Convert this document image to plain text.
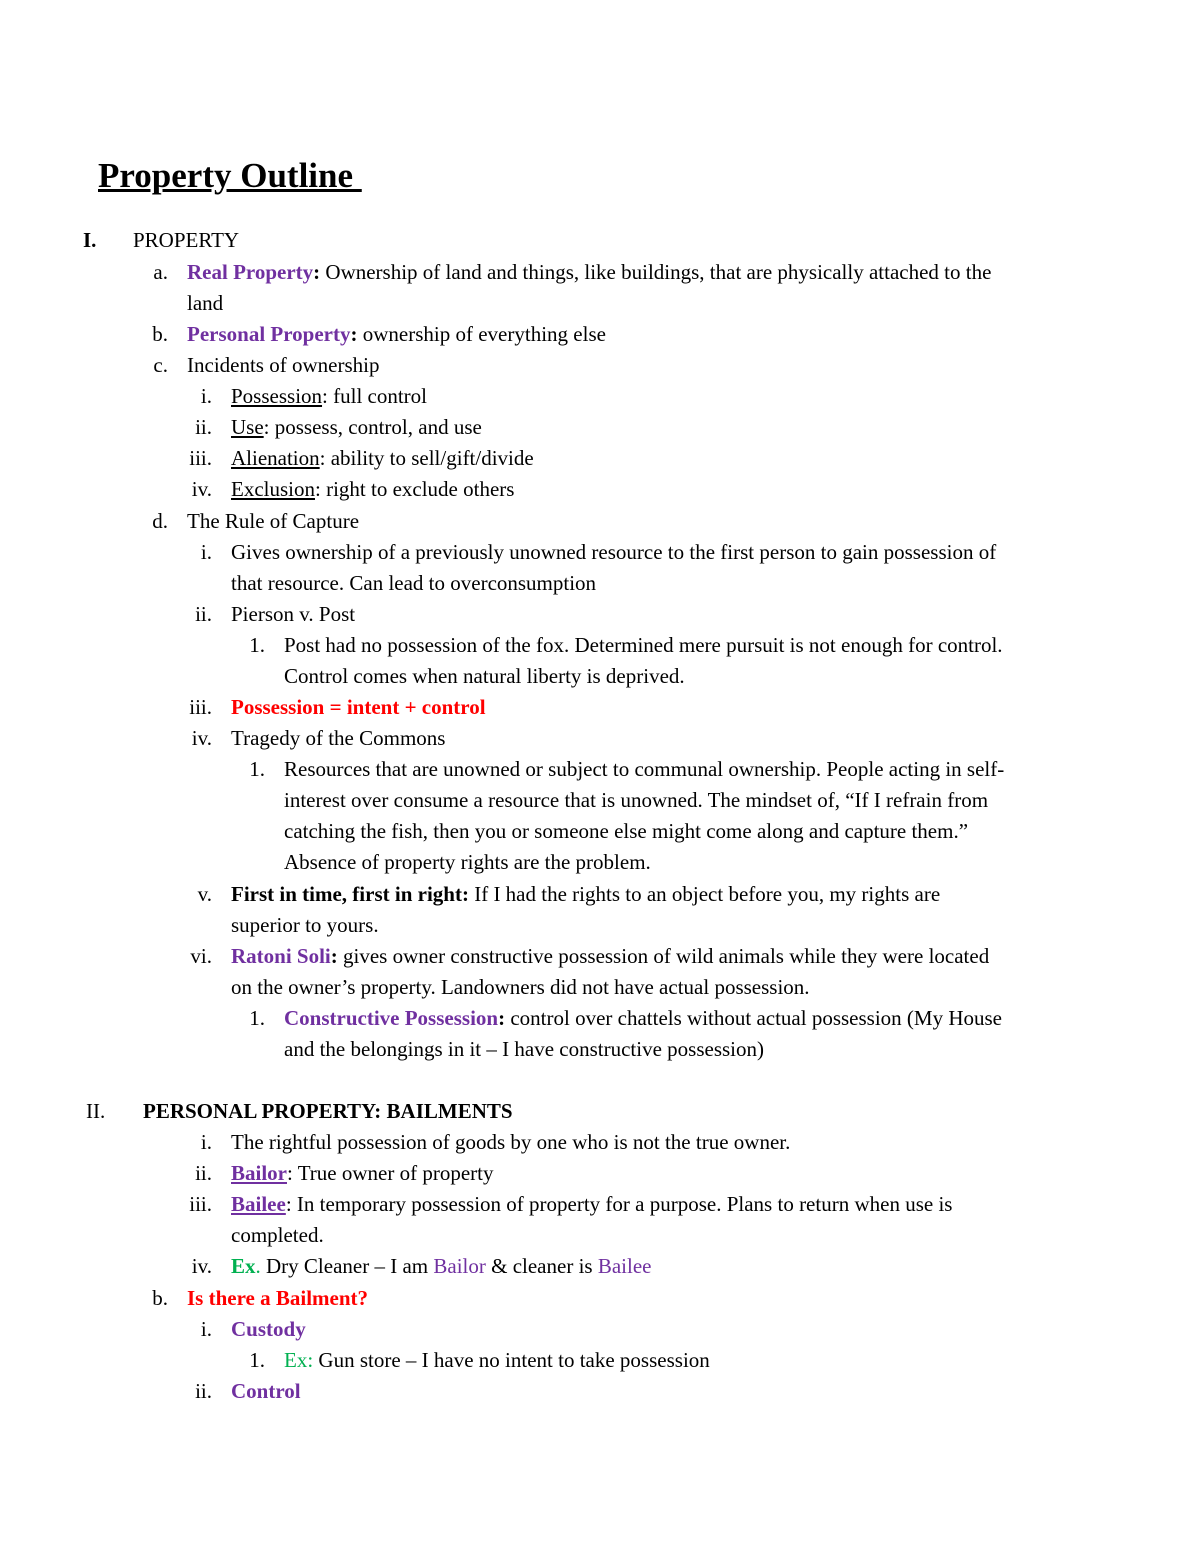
Property Outline
I. PROPERTY
a. Real Property: Ownership of land and things, like buildings, that are physically attached to the
land
b. Personal Property: ownership of everything else
c. Incidents of ownership
i. Possession: full control
ii. Use: possess, control, and use
iii. Alienation: ability to sell/gift/divide
iv. Exclusion: right to exclude others
d. The Rule of Capture
i. Gives ownership of a previously unowned resource to the first person to gain possession of
that resource. Can lead to overconsumption
ii. Pierson v. Post
1. Post had no possession of the fox. Determined mere pursuit is not enough for control.
Control comes when natural liberty is deprived.
iii. Possession = intent + control
iv. Tragedy of the Commons
1. Resources that are unowned or subject to communal ownership. People acting in self-
interest over consume a resource that is unowned. The mindset of, “If I refrain from
catching the fish, then you or someone else might come along and capture them.”
Absence of property rights are the problem.
v. First in time, first in right: If I had the rights to an object before you, my rights are
superior to yours.
vi. Ratoni Soli: gives owner constructive possession of wild animals while they were located
on the owner’s property. Landowners did not have actual possession.
1. Constructive Possession: control over chattels without actual possession (My House
and the belongings in it – I have constructive possession)
II. PERSONAL PROPERTY: BAILMENTS
i. The rightful possession of goods by one who is not the true owner.
ii. Bailor: True owner of property
iii. Bailee: In temporary possession of property for a purpose. Plans to return when use is
completed.
iv. Ex. Dry Cleaner – I am Bailor & cleaner is Bailee
b. Is there a Bailment?
i. Custody
1. Ex: Gun store – I have no intent to take possession
ii. Control
